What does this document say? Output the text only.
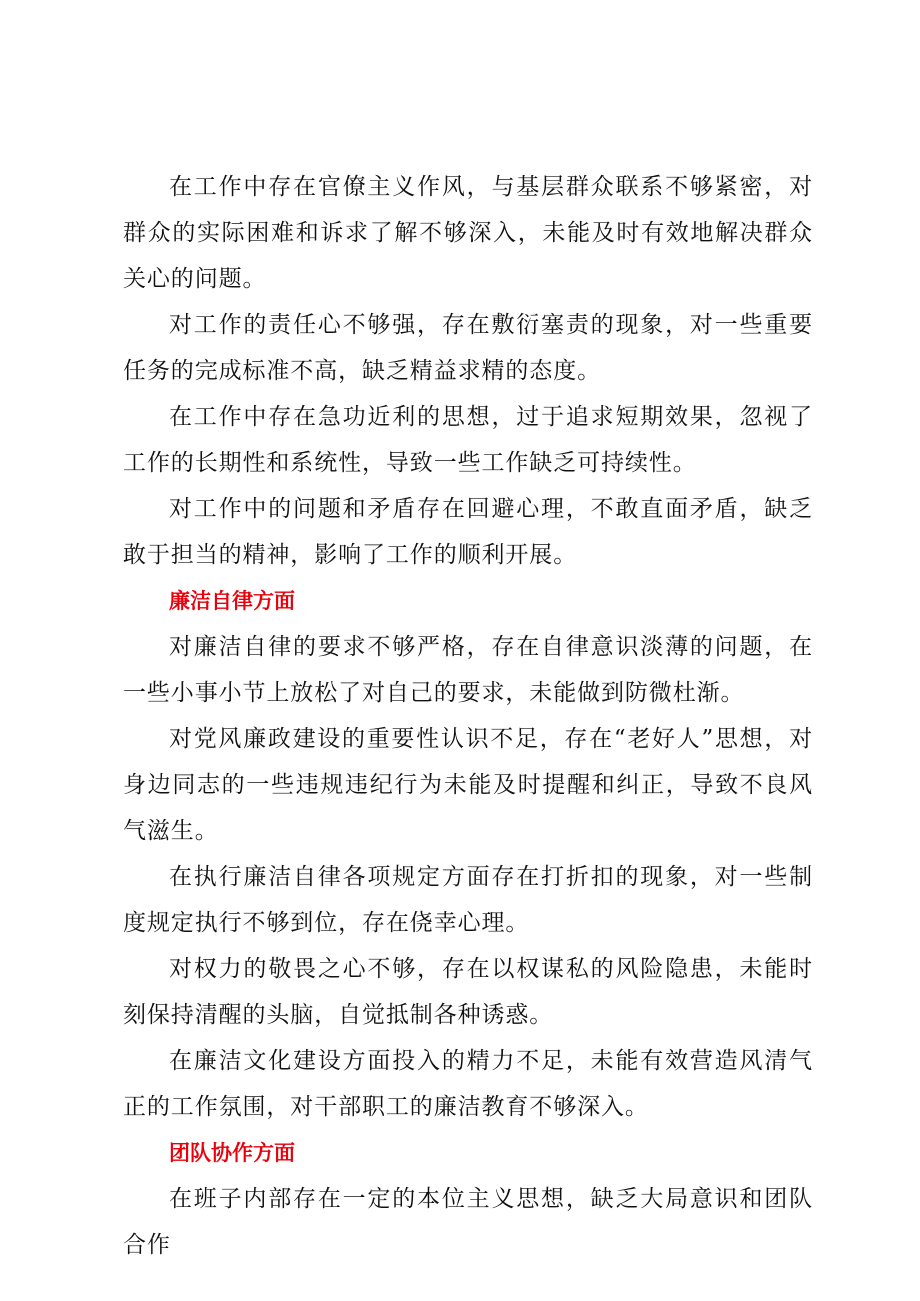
在工作中存在官僚主义作风，与基层群众联系不够紧密，对群众的实际困难和诉求了解不够深入，未能及时有效地解决群众关心的问题。

对工作的责任心不够强，存在敷衍塞责的现象，对一些重要任务的完成标准不高，缺乏精益求精的态度。

在工作中存在急功近利的思想，过于追求短期效果，忽视了工作的长期性和系统性，导致一些工作缺乏可持续性。

对工作中的问题和矛盾存在回避心理，不敢直面矛盾，缺乏敢于担当的精神，影响了工作的顺利开展。

廉洁自律方面

对廉洁自律的要求不够严格，存在自律意识淡薄的问题，在一些小事小节上放松了对自己的要求，未能做到防微杜渐。

对党风廉政建设的重要性认识不足，存在“老好人”思想，对身边同志的一些违规违纪行为未能及时提醒和纠正，导致不良风气滋生。

在执行廉洁自律各项规定方面存在打折扣的现象，对一些制度规定执行不够到位，存在侥幸心理。

对权力的敬畏之心不够，存在以权谋私的风险隐患，未能时刻保持清醒的头脑，自觉抵制各种诱惑。

在廉洁文化建设方面投入的精力不足，未能有效营造风清气正的工作氛围，对干部职工的廉洁教育不够深入。

团队协作方面

在班子内部存在一定的本位主义思想，缺乏大局意识和团队合作
